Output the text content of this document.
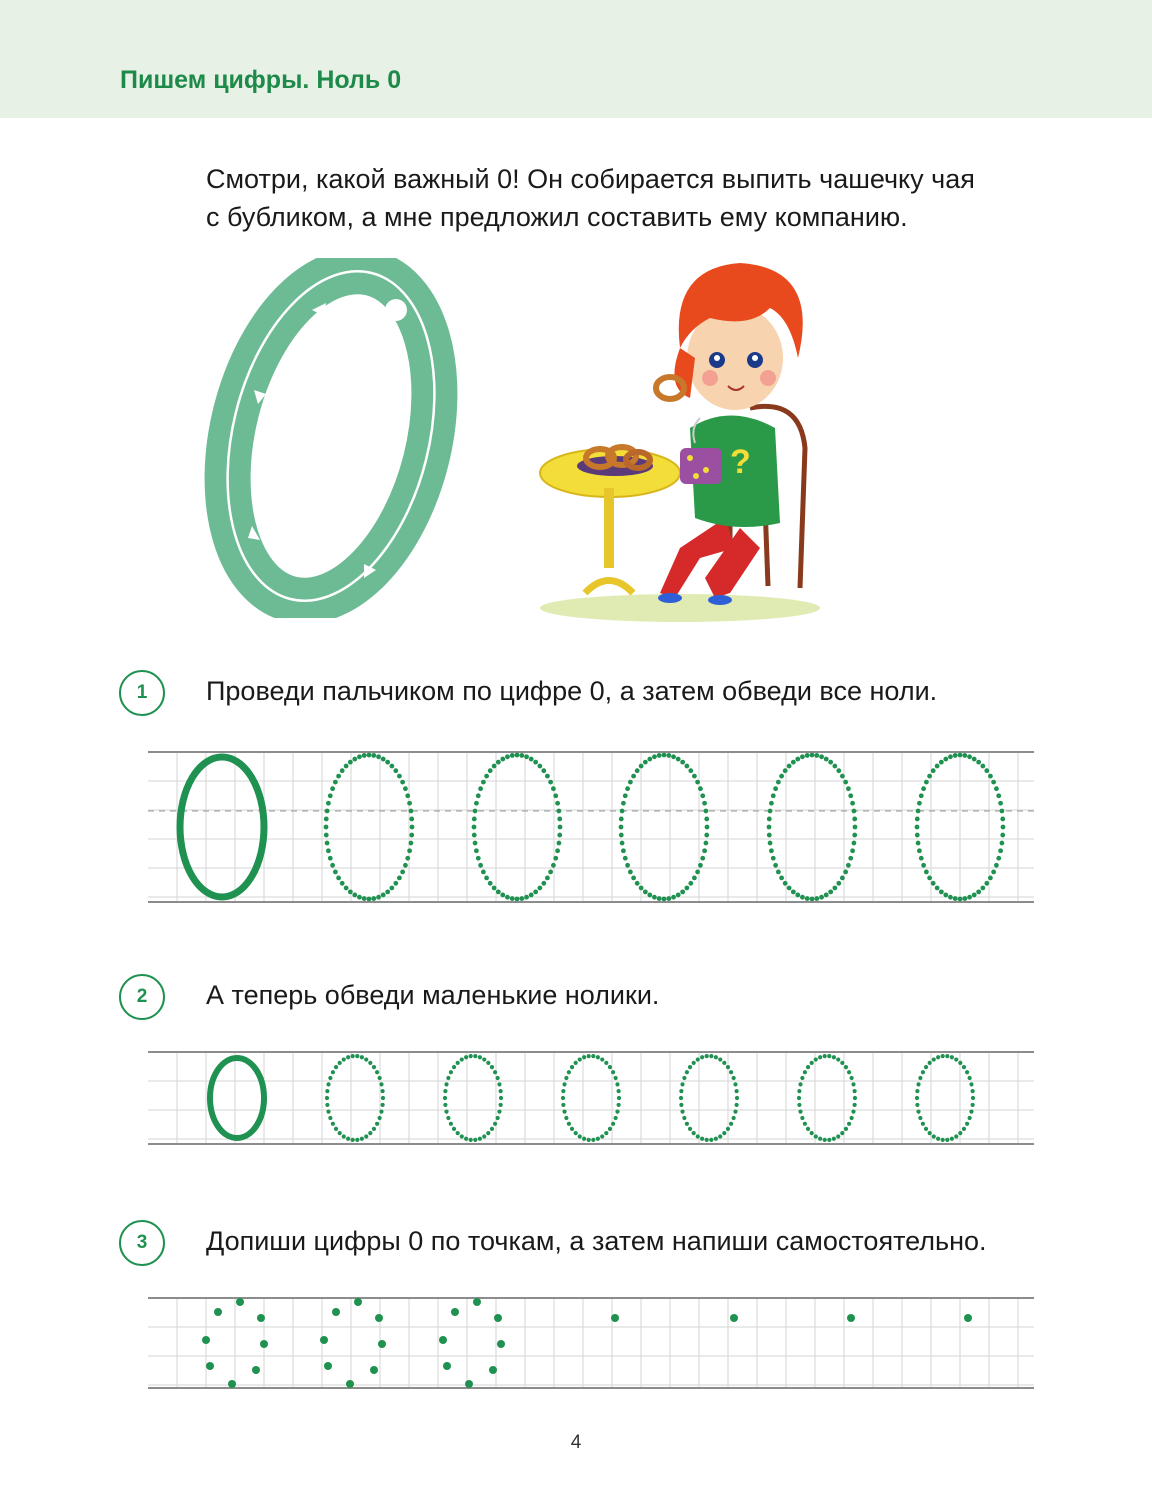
Пишем цифры. Ноль 0
Смотри, какой важный 0! Он собирается выпить чашечку чая
с бубликом, а мне предложил составить ему компанию.
?
1	Проведи пальчиком по цифре 0, а затем обведи все ноли.
2	А теперь обведи маленькие нолики.
3	Допиши цифры 0 по точкам, а затем напиши самостоятельно.
4
